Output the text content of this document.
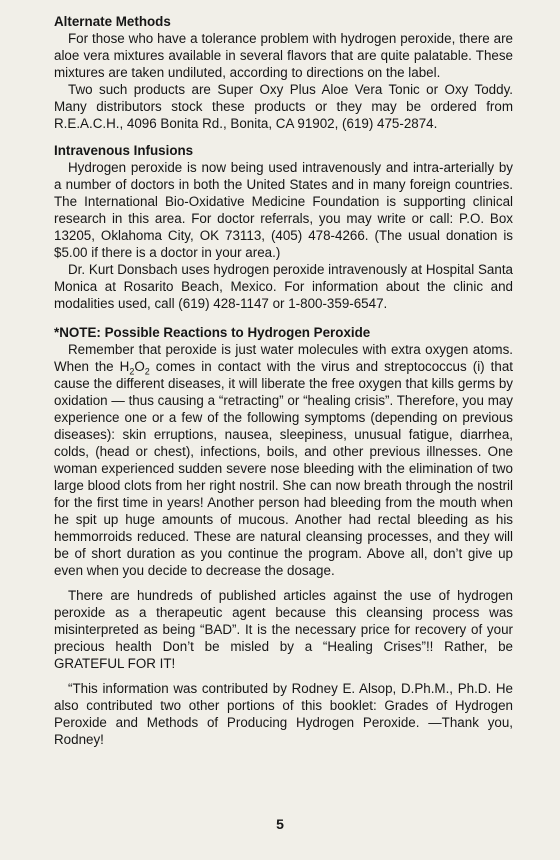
Alternate Methods

For those who have a tolerance problem with hydrogen peroxide, there are aloe vera mixtures available in several flavors that are quite palatable. These mixtures are taken undiluted, according to directions on the label.

Two such products are Super Oxy Plus Aloe Vera Tonic or Oxy Toddy. Many distributors stock these products or they may be ordered from R.E.A.C.H., 4096 Bonita Rd., Bonita, CA 91902, (619) 475-2874.

Intravenous Infusions

Hydrogen peroxide is now being used intravenously and intra-arterially by a number of doctors in both the United States and in many foreign countries. The International Bio-Oxidative Medicine Foundation is supporting clinical research in this area. For doctor referrals, you may write or call: P.O. Box 13205, Oklahoma City, OK 73113, (405) 478-4266. (The usual donation is $5.00 if there is a doctor in your area.)

Dr. Kurt Donsbach uses hydrogen peroxide intravenously at Hospital Santa Monica at Rosarito Beach, Mexico. For information about the clinic and modalities used, call (619) 428-1147 or 1-800-359-6547.

*NOTE: Possible Reactions to Hydrogen Peroxide

Remember that peroxide is just water molecules with extra oxygen atoms. When the $H_2O_2$ comes in contact with the virus and streptococcus (i) that cause the different diseases, it will liberate the free oxygen that kills germs by oxidation — thus causing a “retracting” or “healing crisis”. Therefore, you may experience one or a few of the following symptoms (depending on previous diseases): skin erruptions, nausea, sleepiness, unusual fatigue, diarrhea, colds, (head or chest), infections, boils, and other previous illnesses. One woman experienced sudden severe nose bleeding with the elimination of two large blood clots from her right nostril. She can now breath through the nostril for the first time in years! Another person had bleeding from the mouth when he spit up huge amounts of mucous. Another had rectal bleeding as his hemmorroids reduced. These are natural cleansing processes, and they will be of short duration as you continue the program. Above all, don’t give up even when you decide to decrease the dosage.

There are hundreds of published articles against the use of hydrogen peroxide as a therapeutic agent because this cleansing process was misinterpreted as being “BAD”. It is the necessary price for recovery of your precious health Don’t be misled by a “Healing Crises”!! Rather, be GRATEFUL FOR IT!

“This information was contributed by Rodney E. Alsop, D.Ph.M., Ph.D. He also contributed two other portions of this booklet: Grades of Hydrogen Peroxide and Methods of Producing Hydrogen Peroxide. —Thank you, Rodney!

5
